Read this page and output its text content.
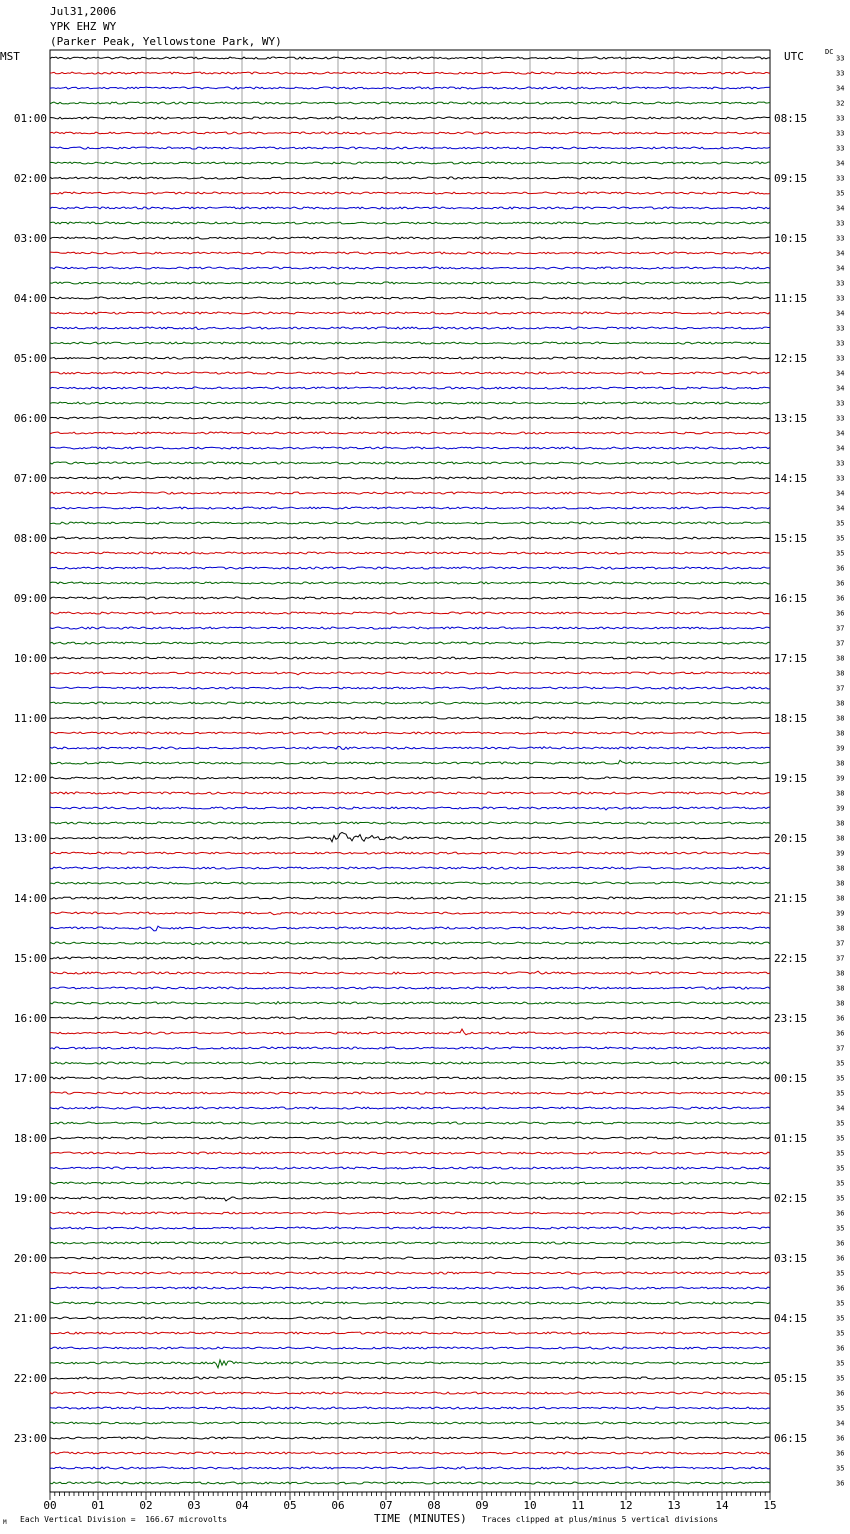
Jul31,2006
YPK EHZ WY
(Parker Peak, Yellowstone Park, WY)
MST	UTC	DC
33
33
34
32
33
33
33
34
33
35
34
33
33
34
34
33
33
34
33
33
33
34
34
33
33
34
34
33
33
34
34
35
35
35
36
36
36
36
37
37
38
38
37
38
38
38
39
38
39
38
39
38
38
39
38
38
38
39
38
37
37
38
38
38
36
36
37
35
35
35
34
35
35
35
35
35
35
36
35
36
36
35
36
35
35
35
36
35
35
36
35
34
36
36
35
36
01:00
02:00
03:00
04:00
05:00
06:00
07:00
08:00
09:00
10:00
11:00
12:00
13:00
14:00
15:00
16:00
17:00
18:00
19:00
20:00
21:00
22:00
23:00
08:15
09:15
10:15
11:15
12:15
13:15
14:15
15:15
16:15
17:15
18:15
19:15
20:15
21:15
22:15
23:15
00:15
01:15
02:15
03:15
04:15
05:15
06:15
00	01	02	03	04	05	06	07	08	09	10	11	12	13	14	15
TIME (MINUTES)
M Each Vertical Division =  166.67 microvolts	Traces clipped at plus/minus 5 vertical divisions
